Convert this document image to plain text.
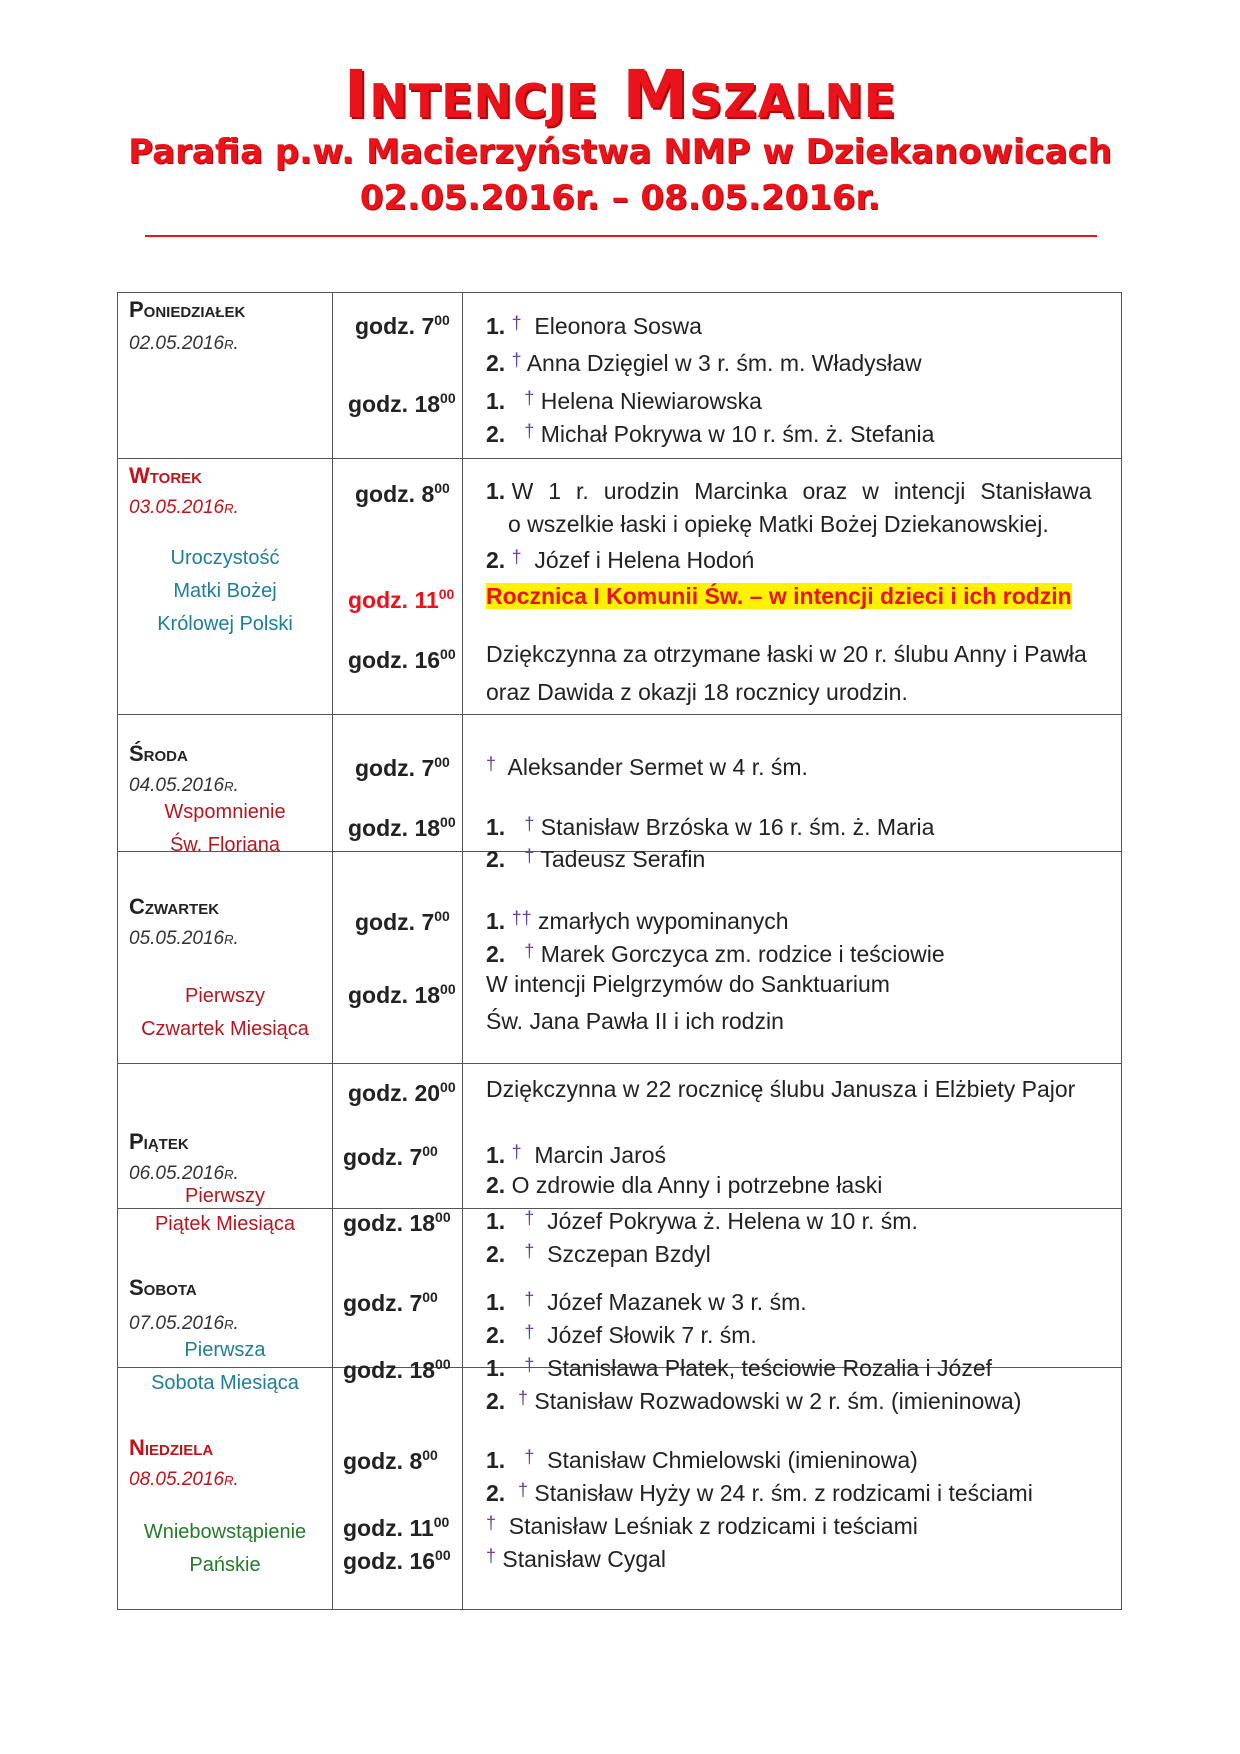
Intencje Mszalne
Parafia p.w. Macierzyństwa NMP w Dziekanowicach
02.05.2016r. – 08.05.2016r.
Poniedziałek
02.05.2016r.
godz. $7^{00}$
godz. $18^{00}$
1. † Eleonora Soswa
2. † Anna Dzięgiel w 3 r. śm. m. Władysław
1. † Helena Niewiarowska
2. † Michał Pokrywa w 10 r. śm. ż. Stefania
Wtorek
03.05.2016r.
Uroczystość
Matki Bożej
Królowej Polski
godz. $8^{00}$
godz. $11^{00}$
godz. $16^{00}$
1. W 1 r. urodzin Marcinka oraz w intencji Stanisława
o wszelkie łaski i opiekę Matki Bożej Dziekanowskiej.
2. † Józef i Helena Hodoń
Rocznica I Komunii Św. – w intencji dzieci i ich rodzin
Dziękczynna za otrzymane łaski w 20 r. ślubu Anny i Pawła
oraz Dawida z okazji 18 rocznicy urodzin.
Środa
04.05.2016r.
Wspomnienie
Św. Floriana
godz. $7^{00}$
godz. $18^{00}$
† Aleksander Sermet w 4 r. śm.
1. † Stanisław Brzóska w 16 r. śm. ż. Maria
2. † Tadeusz Serafin
Czwartek
05.05.2016r.
Pierwszy
Czwartek Miesiąca
godz. $7^{00}$
godz. $18^{00}$
godz. $20^{00}$
1. †† zmarłych wypominanych
2. † Marek Gorczyca zm. rodzice i teściowie
W intencji Pielgrzymów do Sanktuarium
Św. Jana Pawła II i ich rodzin
Dziękczynna w 22 rocznicę ślubu Janusza i Elżbiety Pajor
Piątek
06.05.2016r.
Pierwszy
Piątek Miesiąca
godz. $7^{00}$
godz. $18^{00}$
1. † Marcin Jaroś
2. O zdrowie dla Anny i potrzebne łaski
1. † Józef Pokrywa ż. Helena w 10 r. śm.
2. † Szczepan Bzdyl
Sobota
07.05.2016r.
Pierwsza
Sobota Miesiąca
godz. $7^{00}$
godz. $18^{00}$
1. † Józef Mazanek w 3 r. śm.
2. † Józef Słowik 7 r. śm.
1. † Stanisława Płatek, teściowie Rozalia i Józef
2. † Stanisław Rozwadowski w 2 r. śm. (imieninowa)
Niedziela
08.05.2016r.
Wniebowstąpienie
Pańskie
godz. $8^{00}$
godz. $11^{00}$
godz. $16^{00}$
1. † Stanisław Chmielowski (imieninowa)
2. † Stanisław Hyży w 24 r. śm. z rodzicami i teściami
† Stanisław Leśniak z rodzicami i teściami
† Stanisław Cygal
